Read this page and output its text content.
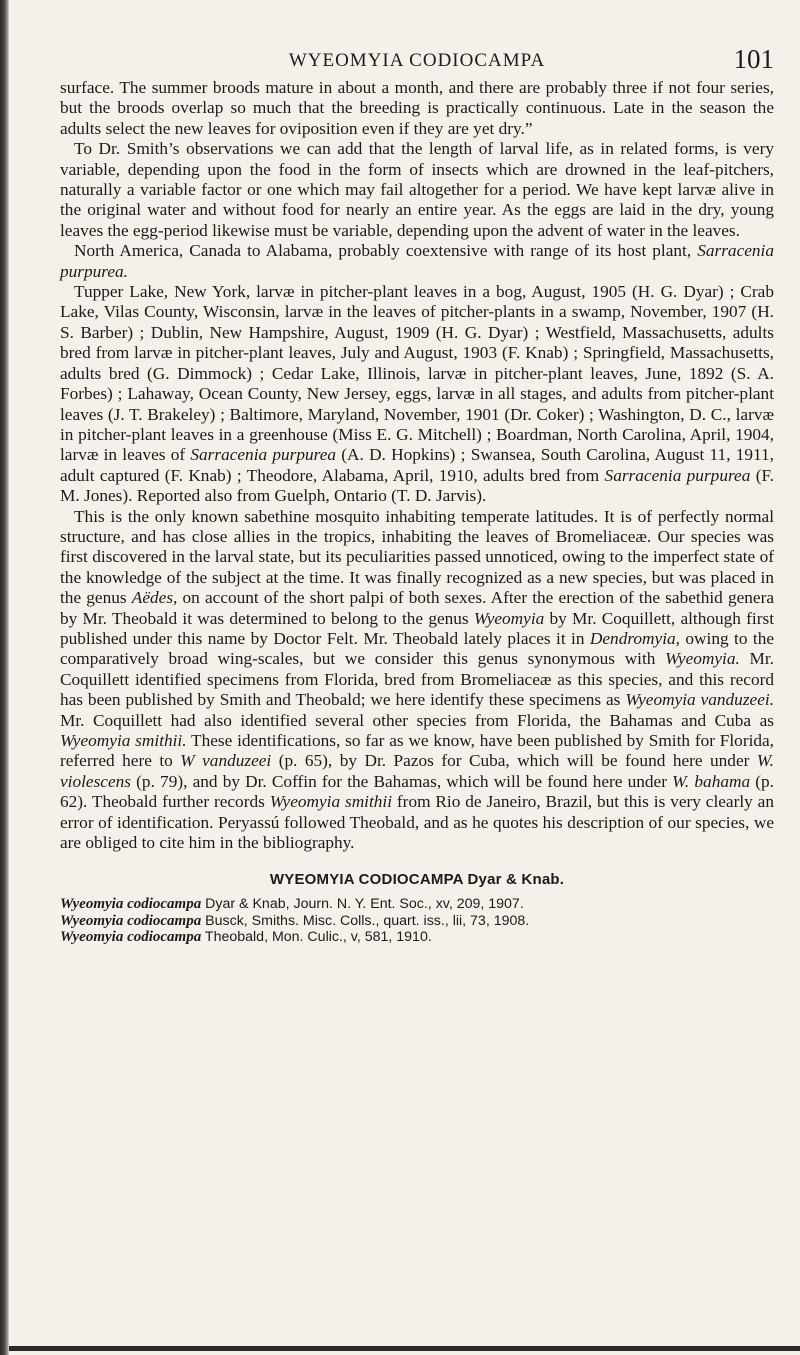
WYEOMYIA CODIOCAMPA	101

surface. The summer broods mature in about a month, and there are probably three if not four series, but the broods overlap so much that the breeding is practically continuous. Late in the season the adults select the new leaves for oviposition even if they are yet dry.”

To Dr. Smith’s observations we can add that the length of larval life, as in related forms, is very variable, depending upon the food in the form of insects which are drowned in the leaf-pitchers, naturally a variable factor or one which may fail altogether for a period. We have kept larvæ alive in the original water and without food for nearly an entire year. As the eggs are laid in the dry, young leaves the egg-period likewise must be variable, depending upon the advent of water in the leaves.

North America, Canada to Alabama, probably coextensive with range of its host plant, Sarracenia purpurea.

Tupper Lake, New York, larvæ in pitcher-plant leaves in a bog, August, 1905 (H. G. Dyar) ; Crab Lake, Vilas County, Wisconsin, larvæ in the leaves of pitcher-plants in a swamp, November, 1907 (H. S. Barber) ; Dublin, New Hampshire, August, 1909 (H. G. Dyar) ; Westfield, Massachusetts, adults bred from larvæ in pitcher-plant leaves, July and August, 1903 (F. Knab) ; Springfield, Massachusetts, adults bred (G. Dimmock) ; Cedar Lake, Illinois, larvæ in pitcher-plant leaves, June, 1892 (S. A. Forbes) ; Lahaway, Ocean County, New Jersey, eggs, larvæ in all stages, and adults from pitcher-plant leaves (J. T. Brakeley) ; Baltimore, Maryland, November, 1901 (Dr. Coker) ; Washington, D. C., larvæ in pitcher-plant leaves in a greenhouse (Miss E. G. Mitchell) ; Boardman, North Carolina, April, 1904, larvæ in leaves of Sarracenia purpurea (A. D. Hopkins) ; Swansea, South Carolina, August 11, 1911, adult captured (F. Knab) ; Theodore, Alabama, April, 1910, adults bred from Sarracenia purpurea (F. M. Jones). Reported also from Guelph, Ontario (T. D. Jarvis).

This is the only known sabethine mosquito inhabiting temperate latitudes. It is of perfectly normal structure, and has close allies in the tropics, inhabiting the leaves of Bromeliaceæ. Our species was first discovered in the larval state, but its peculiarities passed unnoticed, owing to the imperfect state of the knowledge of the subject at the time. It was finally recognized as a new species, but was placed in the genus Aëdes, on account of the short palpi of both sexes. After the erection of the sabethid genera by Mr. Theobald it was determined to belong to the genus Wyeomyia by Mr. Coquillett, although first published under this name by Doctor Felt. Mr. Theobald lately places it in Dendromyia, owing to the comparatively broad wing-scales, but we consider this genus synonymous with Wyeomyia. Mr. Coquillett identified specimens from Florida, bred from Bromeliaceæ as this species, and this record has been published by Smith and Theobald; we here identify these specimens as Wyeomyia vanduzeei. Mr. Coquillett had also identified several other species from Florida, the Bahamas and Cuba as Wyeomyia smithii. These identifications, so far as we know, have been published by Smith for Florida, referred here to W vanduzeei (p. 65), by Dr. Pazos for Cuba, which will be found here under W. violescens (p. 79), and by Dr. Coffin for the Bahamas, which will be found here under W. bahama (p. 62). Theobald further records Wyeomyia smithii from Rio de Janeiro, Brazil, but this is very clearly an error of identification. Peryassú followed Theobald, and as he quotes his description of our species, we are obliged to cite him in the bibliography.

WYEOMYIA CODIOCAMPA Dyar & Knab.
Wyeomyia codiocampa Dyar & Knab, Journ. N. Y. Ent. Soc., xv, 209, 1907.
Wyeomyia codiocampa Busck, Smiths. Misc. Colls., quart. iss., lii, 73, 1908.
Wyeomyia codiocampa Theobald, Mon. Culic., v, 581, 1910.
